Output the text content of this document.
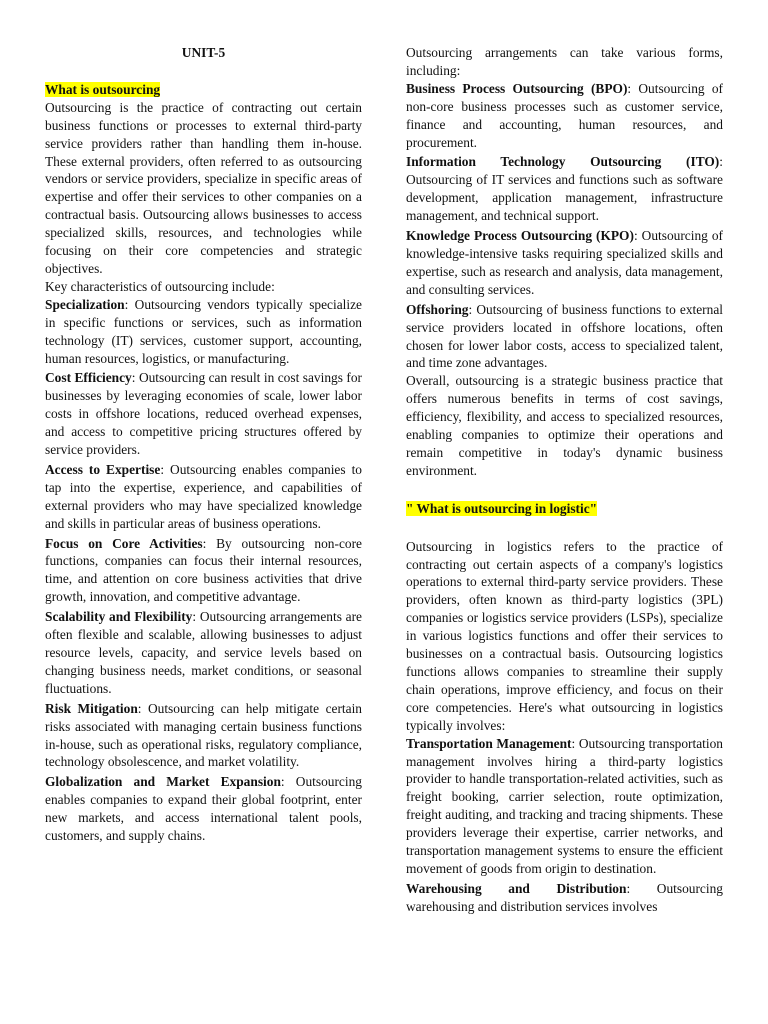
UNIT-5

What is outsourcing

Outsourcing is the practice of contracting out certain business functions or processes to external third-party service providers rather than handling them in-house. These external providers, often referred to as outsourcing vendors or service providers, specialize in specific areas of expertise and offer their services to other companies on a contractual basis. Outsourcing allows businesses to access specialized skills, resources, and technologies while focusing on their core competencies and strategic objectives.

Key characteristics of outsourcing include:

Specialization: Outsourcing vendors typically specialize in specific functions or services, such as information technology (IT) services, customer support, accounting, human resources, logistics, or manufacturing.

Cost Efficiency: Outsourcing can result in cost savings for businesses by leveraging economies of scale, lower labor costs in offshore locations, reduced overhead expenses, and access to competitive pricing structures offered by service providers.

Access to Expertise: Outsourcing enables companies to tap into the expertise, experience, and capabilities of external providers who may have specialized knowledge and skills in particular areas of business operations.

Focus on Core Activities: By outsourcing non-core functions, companies can focus their internal resources, time, and attention on core business activities that drive growth, innovation, and competitive advantage.

Scalability and Flexibility: Outsourcing arrangements are often flexible and scalable, allowing businesses to adjust resource levels, capacity, and service levels based on changing business needs, market conditions, or seasonal fluctuations.

Risk Mitigation: Outsourcing can help mitigate certain risks associated with managing certain business functions in-house, such as operational risks, regulatory compliance, technology obsolescence, and market volatility.

Globalization and Market Expansion: Outsourcing enables companies to expand their global footprint, enter new markets, and access international talent pools, customers, and supply chains.

Outsourcing arrangements can take various forms, including:

Business Process Outsourcing (BPO): Outsourcing of non-core business processes such as customer service, finance and accounting, human resources, and procurement.

Information Technology Outsourcing (ITO): Outsourcing of IT services and functions such as software development, application management, infrastructure management, and technical support.

Knowledge Process Outsourcing (KPO): Outsourcing of knowledge-intensive tasks requiring specialized skills and expertise, such as research and analysis, data management, and consulting services.

Offshoring: Outsourcing of business functions to external service providers located in offshore locations, often chosen for lower labor costs, access to specialized talent, and time zone advantages.

Overall, outsourcing is a strategic business practice that offers numerous benefits in terms of cost savings, efficiency, flexibility, and access to specialized resources, enabling companies to optimize their operations and remain competitive in today's dynamic business environment.

" What is outsourcing in logistic"

Outsourcing in logistics refers to the practice of contracting out certain aspects of a company's logistics operations to external third-party service providers. These providers, often known as third-party logistics (3PL) companies or logistics service providers (LSPs), specialize in various logistics functions and offer their services to businesses on a contractual basis. Outsourcing logistics functions allows companies to streamline their supply chain operations, improve efficiency, and focus on their core competencies. Here's what outsourcing in logistics typically involves:

Transportation Management: Outsourcing transportation management involves hiring a third-party logistics provider to handle transportation-related activities, such as freight booking, carrier selection, route optimization, freight auditing, and tracking and tracing shipments. These providers leverage their expertise, carrier networks, and transportation management systems to ensure the efficient movement of goods from origin to destination.

Warehousing and Distribution: Outsourcing warehousing and distribution services involves
